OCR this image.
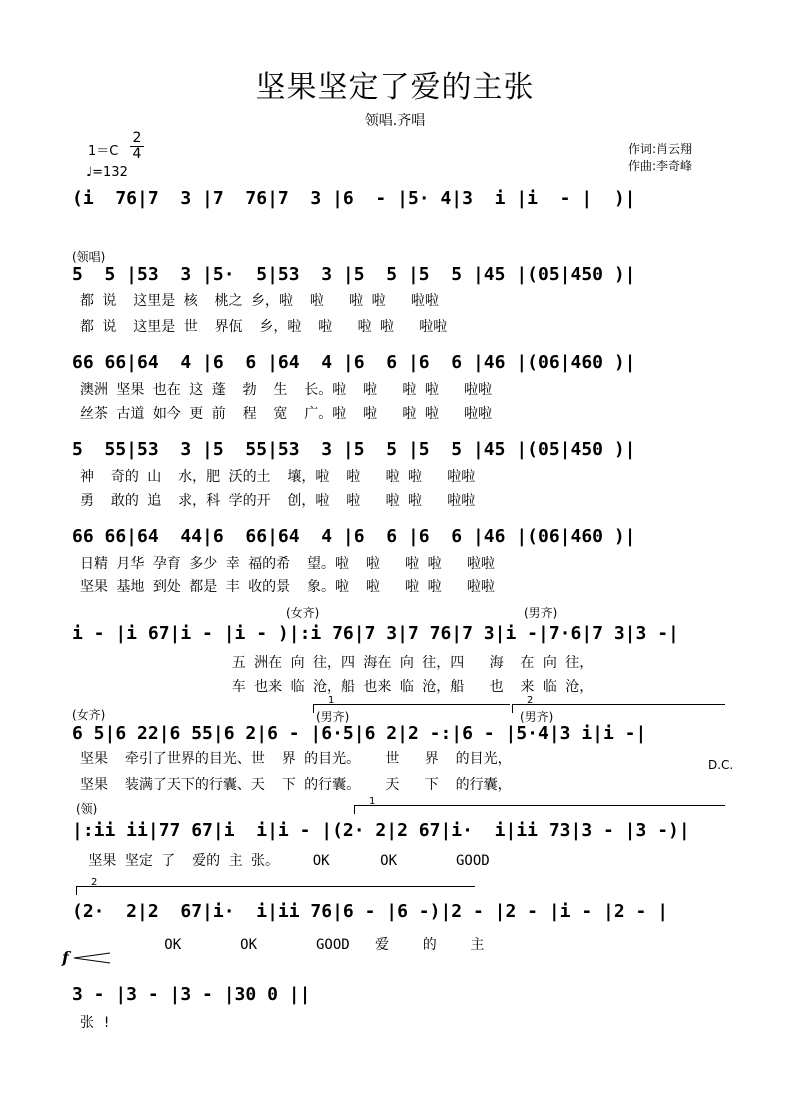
坚果坚定了爱的主张
领唱.齐唱
1＝C
2
4
♩=132
作词:肖云翔
作曲:李奇峰
(领唱)
(女齐)	(男齐)
(女齐)	(男齐)	(男齐)
(领)
D.C.
1	2
1
2
f
(i  76|7  3 |7  76|7  3 |6  - |5· 4|3  i |i  - |  )|
5  5 |53  3 |5·  5|53  3 |5  5 |5  5 |45 |(05|450 )|
66 66|64  4 |6  6 |64  4 |6  6 |6  6 |46 |(06|460 )|
5  55|53  3 |5  55|53  3 |5  5 |5  5 |45 |(05|450 )|
66 66|64  44|6  66|64  4 |6  6 |6  6 |46 |(06|460 )|
i - |i 67|i - |i - )|:i 76|7 3|7 76|7 3|i -|7·6|7 3|3 -|
6 5|6 22|6 55|6 2|6 - |6·5|6 2|2 -:|6 - |5·4|3 i|i -|
|:ii ii|77 67|i  i|i - |(2· 2|2 67|i·  i|ii 73|3 - |3 -)|
(2·  2|2  67|i·  i|ii 76|6 - |6 -)|2 - |2 - |i - |2 - |
3 - |3 - |3 - |30 0 ||
都 说  这里是 核  桃之 乡，啦  啦   啦 啦   啦啦
都 说  这里是 世  界佤  乡，啦  啦   啦 啦   啦啦
澳洲 坚果 也在 这 蓬  勃  生  长。啦  啦   啦 啦   啦啦
丝茶 古道 如今 更 前  程  宽  广。啦  啦   啦 啦   啦啦
神  奇的 山  水，肥 沃的土  壤，啦  啦   啦 啦   啦啦
勇  敢的 追  求，科 学的开  创，啦  啦   啦 啦   啦啦
日精 月华 孕育 多少 幸 福的希  望。啦  啦   啦 啦   啦啦
坚果 基地 到处 都是 丰 收的景  象。啦  啦   啦 啦   啦啦
五 洲在 向 往，四 海在 向 往，四   海  在 向 往，
车 也来 临 沧，船 也来 临 沧，船   也  来 临 沧，
坚果  牵引了世界的目光、世  界 的目光。   世   界  的目光，
坚果  装满了天下的行囊、天  下 的行囊。   天   下  的行囊，
坚果 坚定 了  爱的 主 张。    OK      OK       GOOD
OK       OK       GOOD   爱    的    主
张 !
